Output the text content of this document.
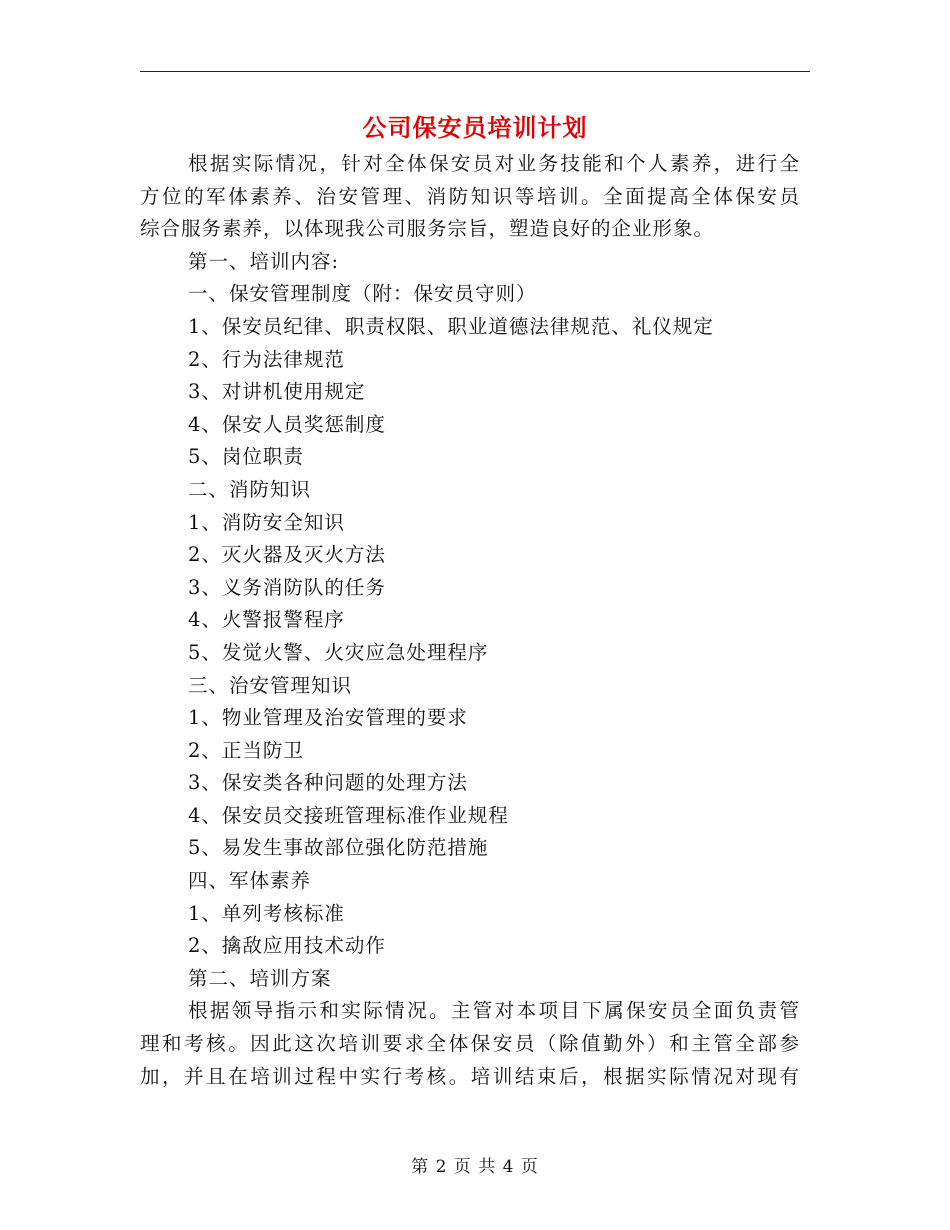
公司保安员培训计划
根据实际情况，针对全体保安员对业务技能和个人素养，进行全
方位的军体素养、治安管理、消防知识等培训。全面提高全体保安员
综合服务素养，以体现我公司服务宗旨，塑造良好的企业形象。
第一、培训内容:
一、保安管理制度（附：保安员守则）
1、保安员纪律、职责权限、职业道德法律规范、礼仪规定
2、行为法律规范
3、对讲机使用规定
4、保安人员奖惩制度
5、岗位职责
二、消防知识
1、消防安全知识
2、灭火器及灭火方法
3、义务消防队的任务
4、火警报警程序
5、发觉火警、火灾应急处理程序
三、治安管理知识
1、物业管理及治安管理的要求
2、正当防卫
3、保安类各种问题的处理方法
4、保安员交接班管理标准作业规程
5、易发生事故部位强化防范措施
四、军体素养
1、单列考核标准
2、擒敌应用技术动作
第二、培训方案
根据领导指示和实际情况。主管对本项目下属保安员全面负责管
理和考核。因此这次培训要求全体保安员（除值勤外）和主管全部参
加，并且在培训过程中实行考核。培训结束后，根据实际情况对现有
第 2 页 共 4 页
